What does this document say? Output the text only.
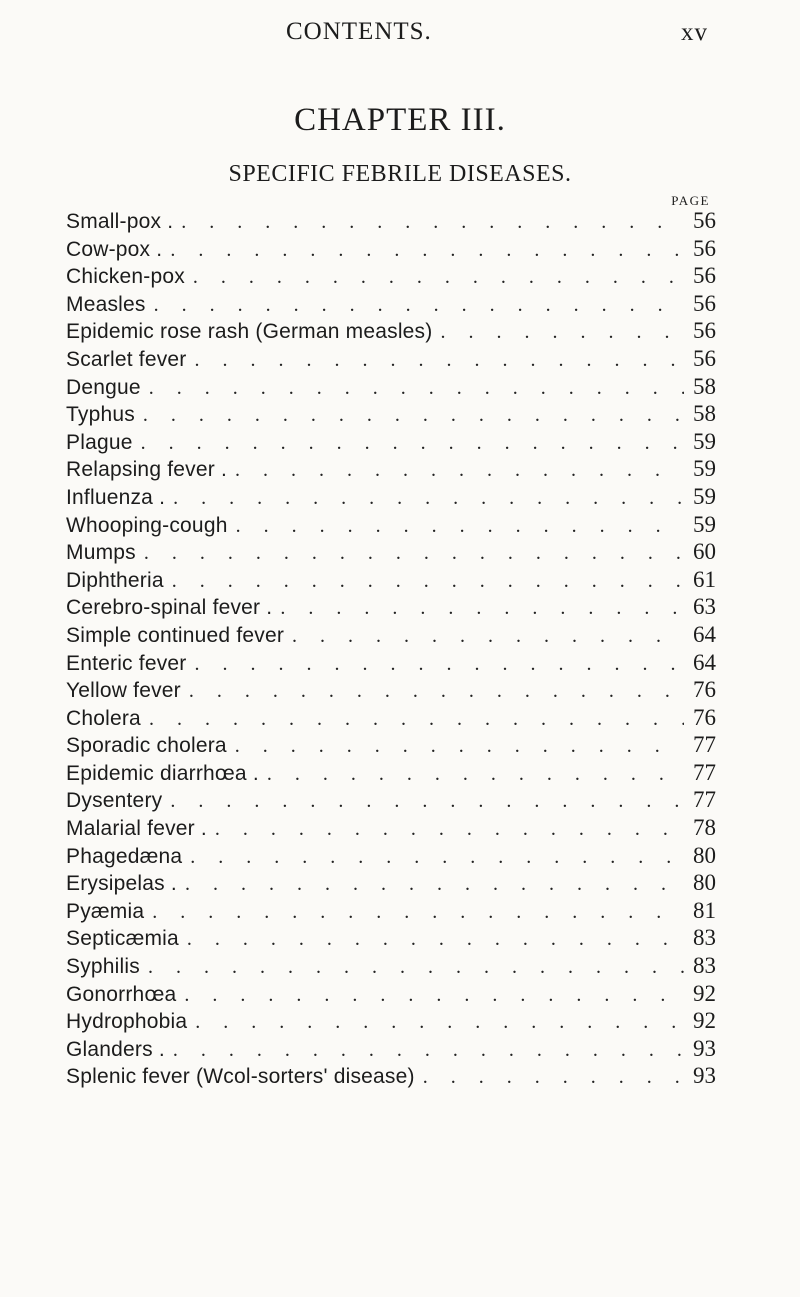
CONTENTS.	xv
CHAPTER III.
SPECIFIC FEBRILE DISEASES.
PAGE
Small-pox . .....	56
Cow-pox . .....	56
Chicken-pox .....	56
Measles .....	56
Epidemic rose rash (German measles) .....	56
Scarlet fever .....	56
Dengue .....	58
Typhus .....	58
Plague .....	59
Relapsing fever . .....	59
Influenza . .....	59
Whooping-cough .....	59
Mumps .....	60
Diphtheria .....	61
Cerebro-spinal fever . .....	63
Simple continued fever .....	64
Enteric fever .....	64
Yellow fever .....	76
Cholera .....	76
Sporadic cholera .....	77
Epidemic diarrhœa . .....	77
Dysentery .....	77
Malarial fever . .....	78
Phagedæna .....	80
Erysipelas . .....	80
Pyæmia .....	81
Septicæmia .....	83
Syphilis .....	83
Gonorrhœa .....	92
Hydrophobia .....	92
Glanders . .....	93
Splenic fever (Wcol-sorters' disease) .....	93
